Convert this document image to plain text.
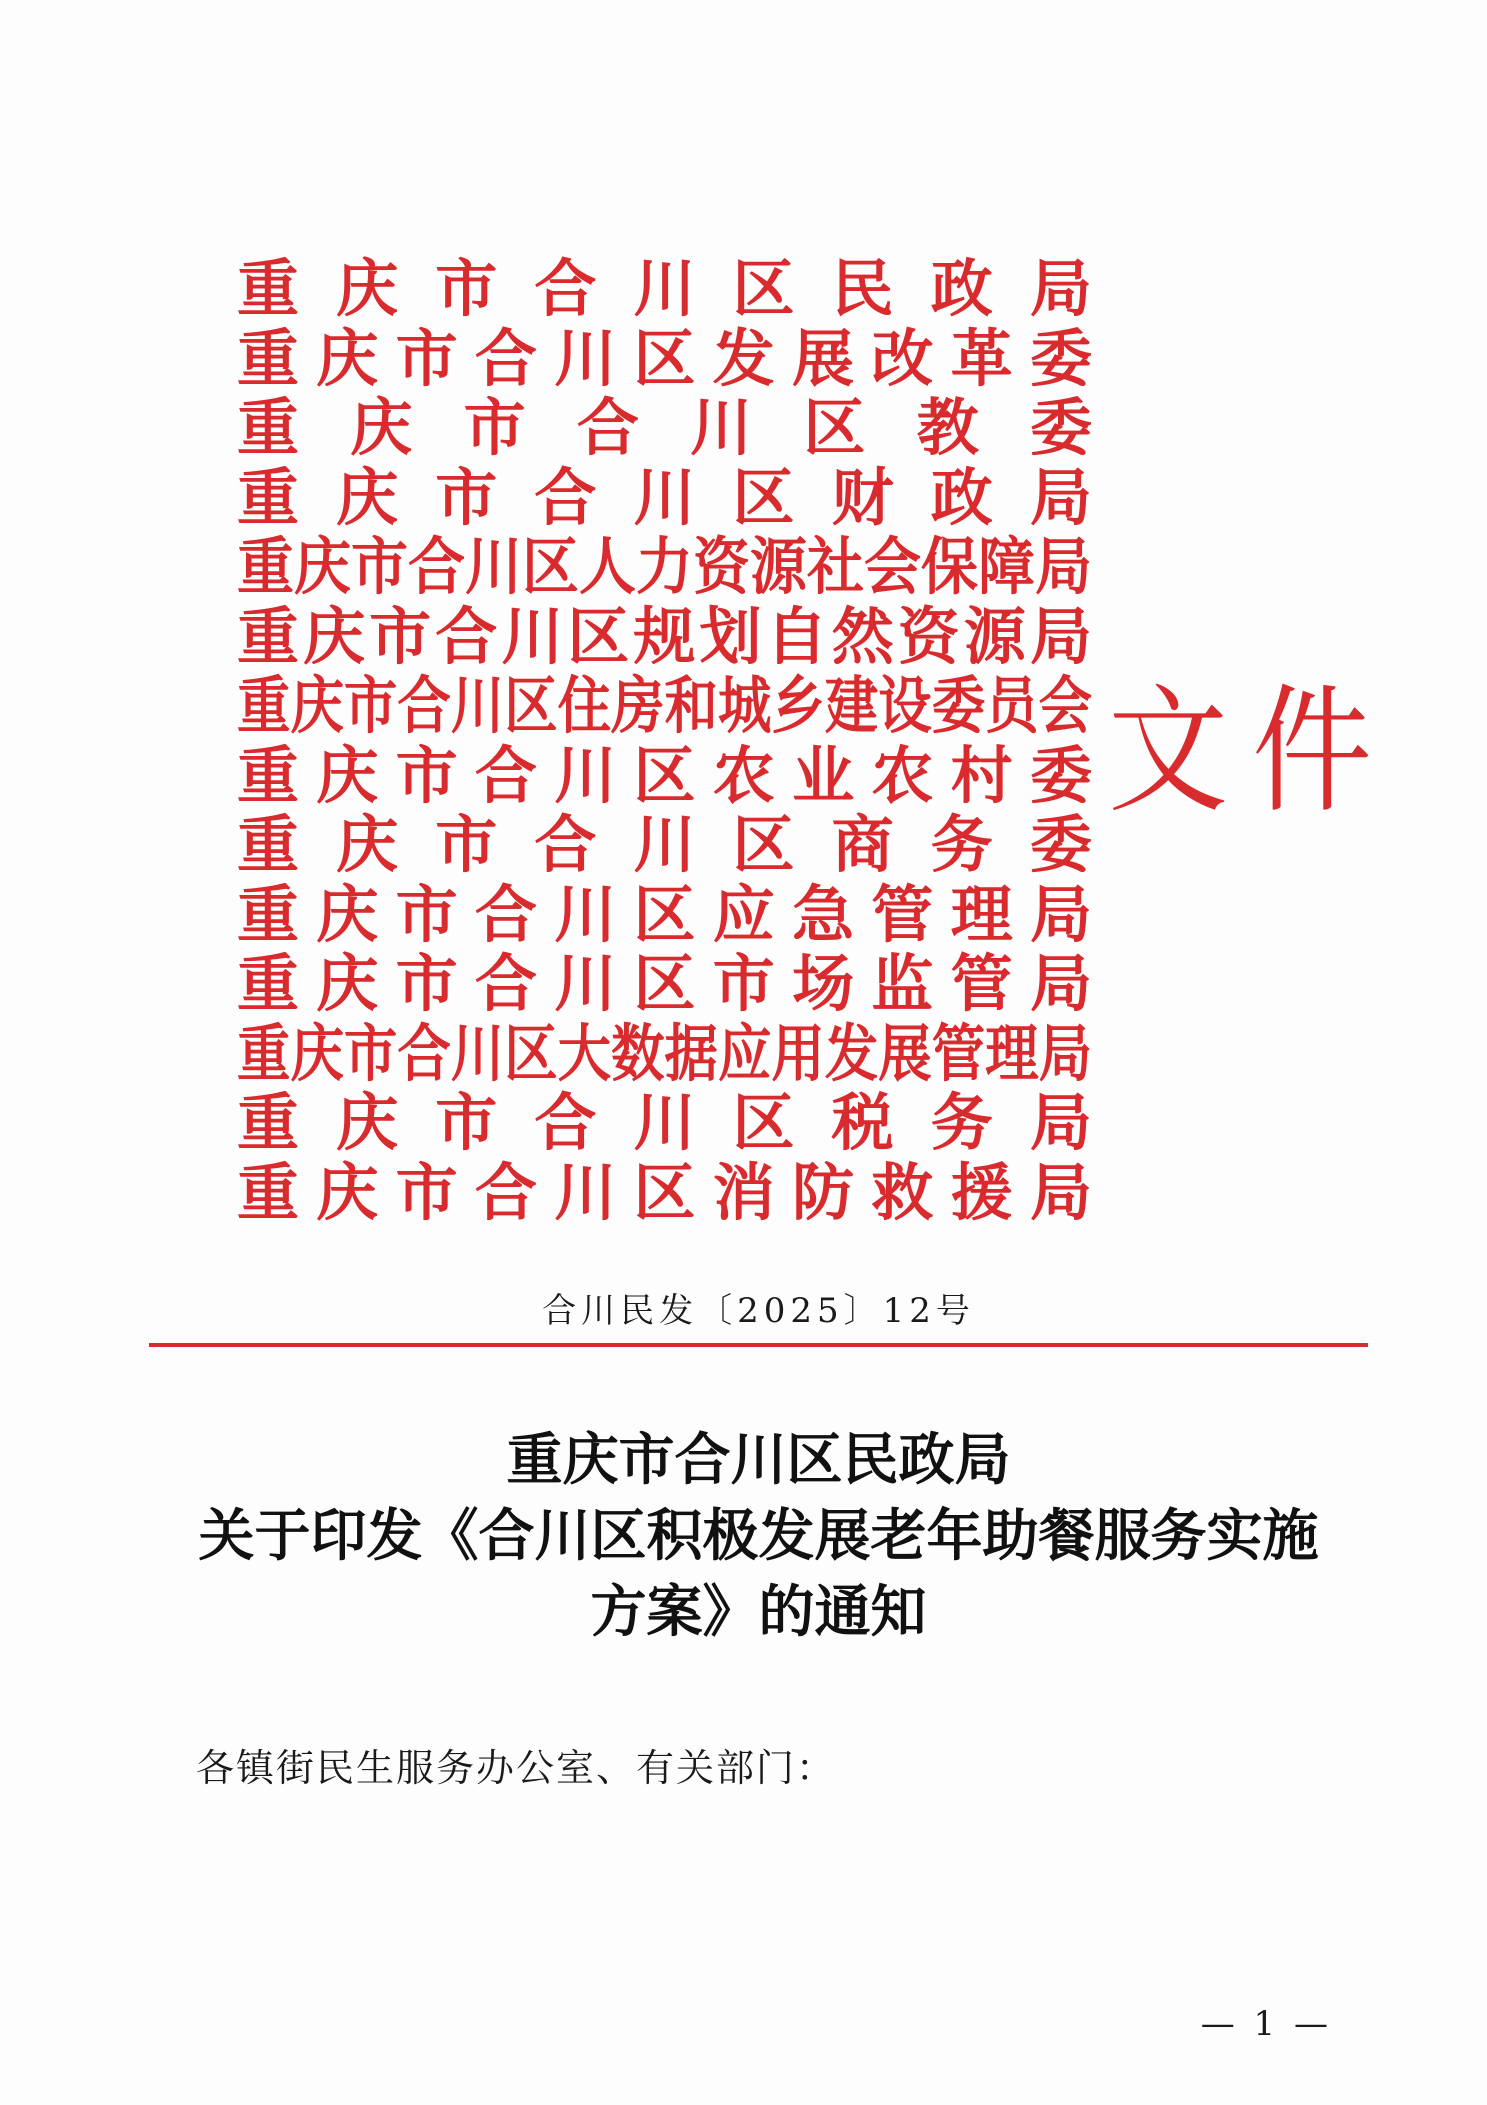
重 庆 市 合 川 区 民 政 局
重 庆 市 合 川 区 发 展 改 革 委
重 庆 市 合 川 区 教 委
重 庆 市 合 川 区 财 政 局
重 庆 市 合 川 区 人 力 资 源 社 会 保 障 局
重 庆 市 合 川 区 规 划 自 然 资 源 局
重 庆 市 合 川 区 住 房 和 城 乡 建 设 委 员 会
重 庆 市 合 川 区 农 业 农 村 委
重 庆 市 合 川 区 商 务 委
重 庆 市 合 川 区 应 急 管 理 局
重 庆 市 合 川 区 市 场 监 管 局
重 庆 市 合 川 区 大 数 据 应 用 发 展 管 理 局
重 庆 市 合 川 区 税 务 局
重 庆 市 合 川 区 消 防 救 援 局
文 件
合川民发〔2025〕12号
重庆市合川区民政局
关于印发《合川区积极发展老年助餐服务实施
方案》的通知
各镇街民生服务办公室、有关部门：
— 1 —
